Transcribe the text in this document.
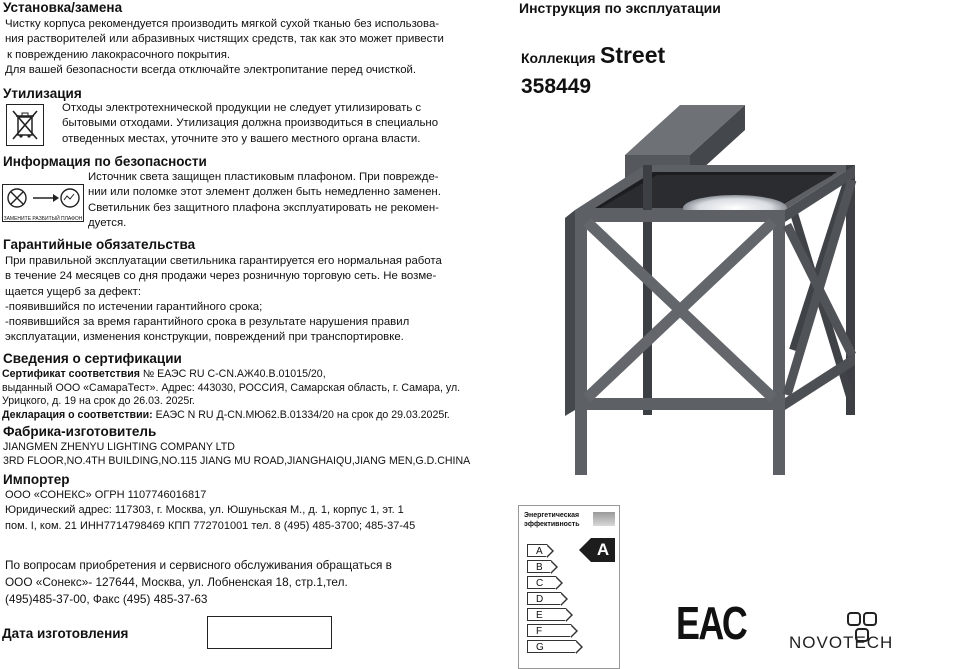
Установка/замена
Чистку корпуса рекомендуется производить мягкой сухой тканью без использова-
ния растворителей или абразивных чистящих средств, так как это может привести
к повреждению лакокрасочного покрытия.
Для вашей безопасности всегда отключайте электропитание перед очисткой.
Утилизация
Отходы электротехнической продукции не следует утилизировать с
бытовыми отходами. Утилизация должна производиться в специально
отведенных местах, уточните это у вашего местного органа власти.
Информация по безопасности
ЗАМЕНИТЕ РАЗБИТЫЙ ПЛАФОН
Источник света защищен пластиковым плафоном. При поврежде-
нии или поломке этот элемент должен быть немедленно заменен.
Светильник без защитного плафона эксплуатировать не рекомен-
дуется.
Гарантийные обязательства
При правильной эксплуатации светильника гарантируется его нормальная работа
в течение 24 месяцев со дня продажи через розничную торговую сеть. Не возме-
щается ущерб за дефект:
-появившийся по истечении гарантийного срока;
-появившийся за время гарантийного срока в результате нарушения правил
эксплуатации, изменения конструкции, повреждений при транспортировке.
Сведения о сертификации
Сертификат соответствия № ЕАЭС RU C-CN.АЖ40.В.01015/20,
выданный ООО «СамараТест». Адрес: 443030, РОССИЯ, Самарская область, г. Самара, ул.
Урицкого, д. 19 на срок до 26.03. 2025г.
Декларация о соответствии: ЕАЭС N RU Д-CN.МЮ62.В.01334/20 на срок до 29.03.2025г.
Фабрика-изготовитель
JIANGMEN ZHENYU LIGHTING COMPANY LTD
3RD FLOOR,NO.4TH BUILDING,NO.115 JIANG MU ROAD,JIANGHAIQU,JIANG MEN,G.D.CHINA
Импортер
ООО «СОНЕКС» ОГРН 1107746016817
Юридический адрес: 117303, г. Москва, ул. Юшуньская М., д. 1, корпус 1, эт. 1
пом. I, ком. 21 ИНН7714798469 КПП 772701001 тел. 8 (495) 485-3700; 485-37-45
По вопросам приобретения и сервисного обслуживания обращаться в
ООО «Сонекс»- 127644, Москва, ул. Лобненская 18, стр.1,тел.
(495)485-37-00, Факс (495) 485-37-63
Дата изготовления
Инструкция по эксплуатации
Коллекция Street
358449
Энергетическая
эффективность
A
B
C
D
E
F
G
A
ЕАС	NOVOTECH
